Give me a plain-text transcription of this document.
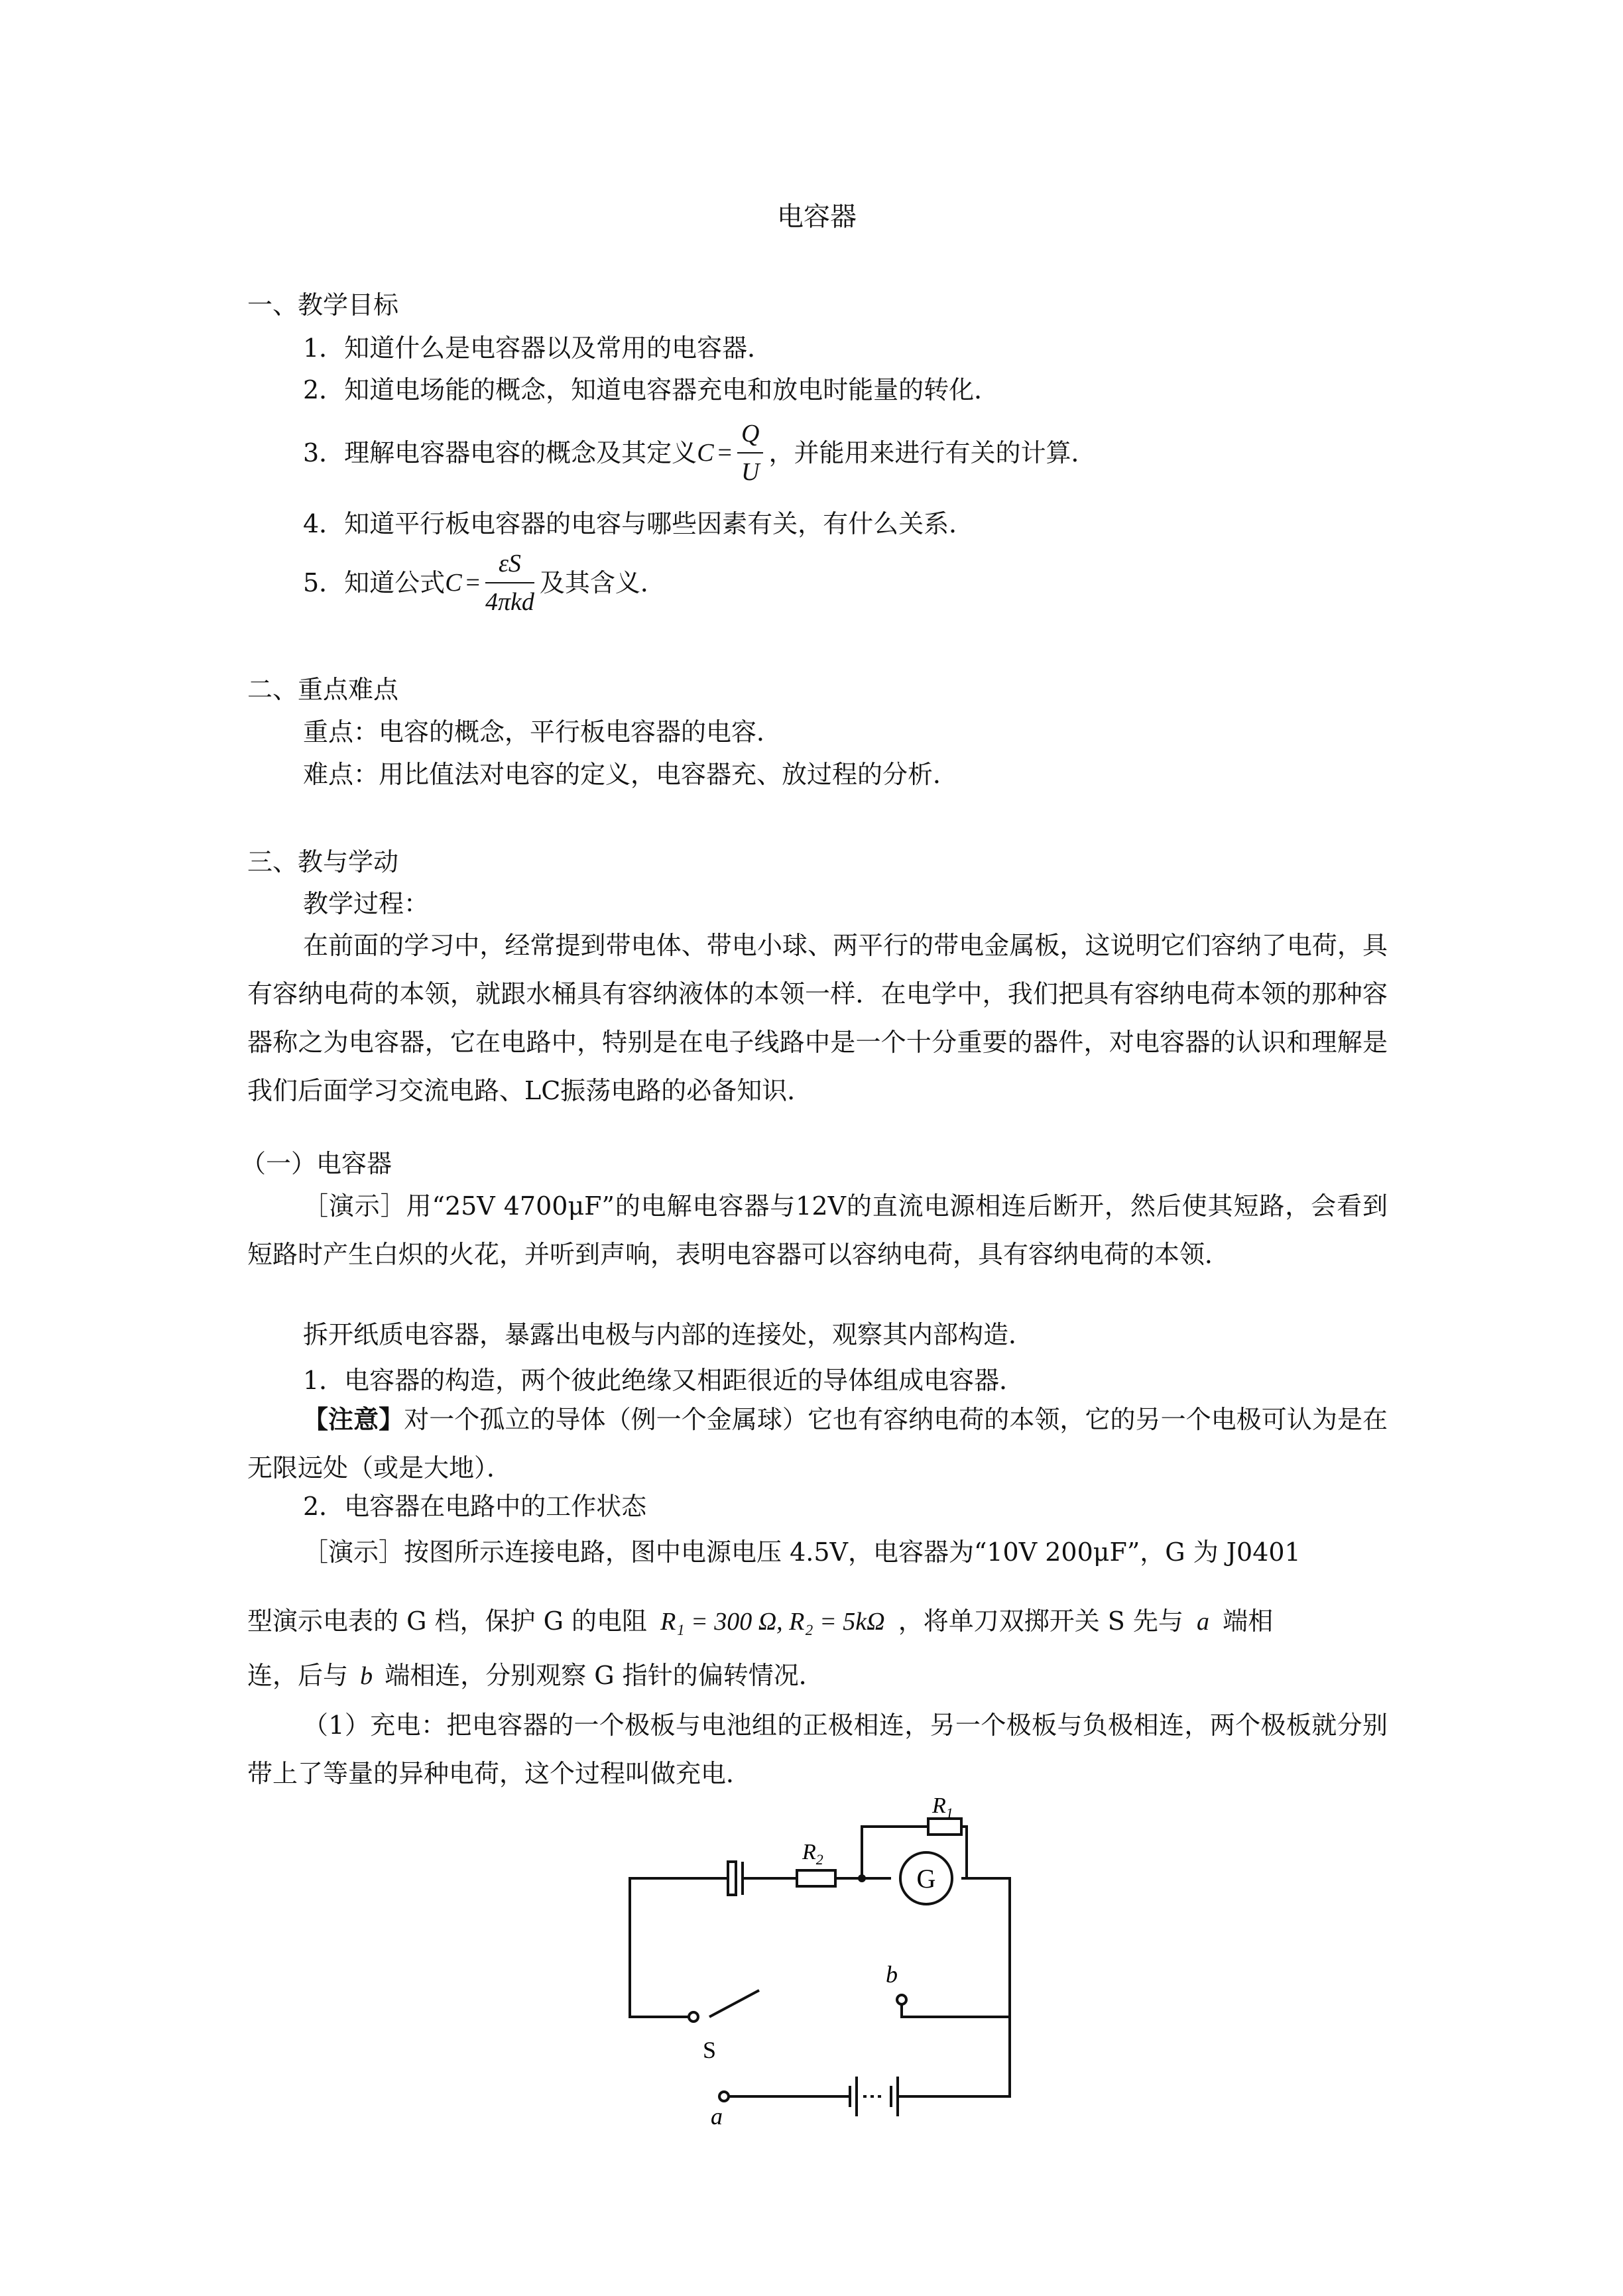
电容器
一、教学目标
1．知道什么是电容器以及常用的电容器．
2．知道电场能的概念，知道电容器充电和放电时能量的转化．
3．理解电容器电容的概念及其定义$C = \frac{Q}{U}$ ，并能用来进行有关的计算．
4．知道平行板电容器的电容与哪些因素有关，有什么关系．
5．知道公式$C = \frac{\varepsilon S}{\text{4πkd}}$ 及其含义．
二、重点难点
重点：电容的概念，平行板电容器的电容．
难点：用比值法对电容的定义，电容器充、放过程的分析．
三、教与学动
教学过程：
在前面的学习中，经常提到带电体、带电小球、两平行的带电金属板，这说明它们容纳了电荷，具有容纳电荷的本领，就跟水桶具有容纳液体的本领一样．在电学中，我们把具有容纳电荷本领的那种容器称之为电容器，它在电路中，特别是在电子线路中是一个十分重要的器件，对电容器的认识和理解是我们后面学习交流电路、LC振荡电路的必备知识．
（一）电容器
［演示］用“25V 4700μF”的电解电容器与12V的直流电源相连后断开，然后使其短路，会看到短路时产生白炽的火花，并听到声响，表明电容器可以容纳电荷，具有容纳电荷的本领．
拆开纸质电容器，暴露出电极与内部的连接处，观察其内部构造．
1．电容器的构造，两个彼此绝缘又相距很近的导体组成电容器．
【注意】对一个孤立的导体（例一个金属球）它也有容纳电荷的本领，它的另一个电极可认为是在无限远处（或是大地）．
2．电容器在电路中的工作状态
［演示］按图所示连接电路，图中电源电压 4.5V，电容器为“10V 200μF”，G 为 J0401
型演示电表的 G 档，保护 G 的电阻 R₁ = 300 Ω, R₂ = 5kΩ ，将单刀双掷开关 S 先与 a 端相
连，后与 b 端相连，分别观察 G 指针的偏转情况．
（1）充电：把电容器的一个极板与电池组的正极相连，另一个极板与负极相连，两个极板就分别带上了等量的异种电荷，这个过程叫做充电．
G
$R_2$
$R_1$
b
S
a
